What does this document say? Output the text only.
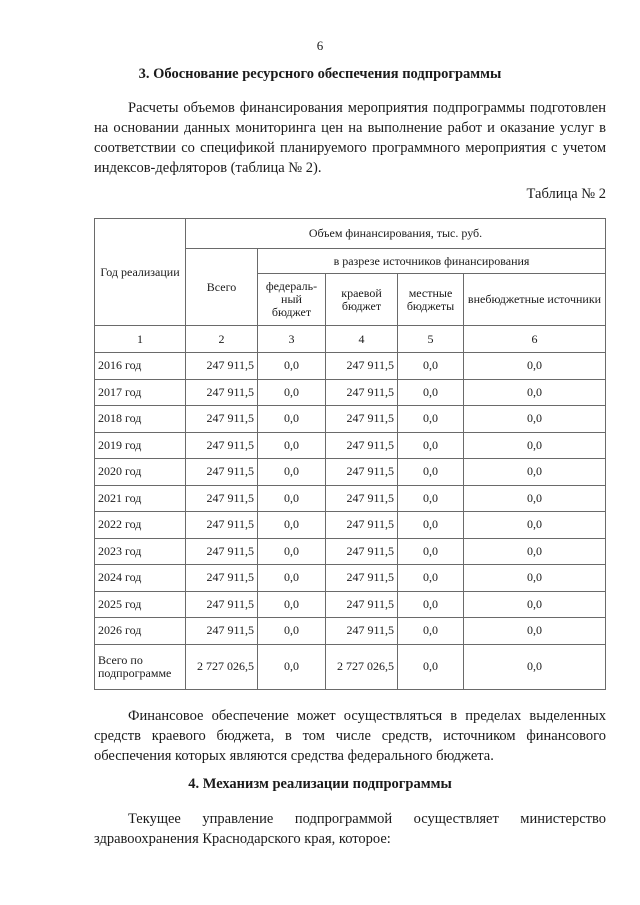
6
3. Обоснование ресурсного обеспечения подпрограммы

Расчеты объемов финансирования мероприятия подпрограммы подготовлен на основании данных мониторинга цен на выполнение работ и оказание услуг в соответствии со спецификой планируемого программного мероприятия с учетом индексов-дефляторов (таблица № 2).

Таблица № 2
Год реализации	Объем финансирования, тыс. руб.				
	Всего	в разрезе источников финансирования			
		федераль-ный бюджет	краевой бюджет	местные бюджеты	внебюджетные источники
1	2	3	4	5	6
2016 год	247 911,5	0,0	247 911,5	0,0	0,0
2017 год	247 911,5	0,0	247 911,5	0,0	0,0
2018 год	247 911,5	0,0	247 911,5	0,0	0,0
2019 год	247 911,5	0,0	247 911,5	0,0	0,0
2020 год	247 911,5	0,0	247 911,5	0,0	0,0
2021 год	247 911,5	0,0	247 911,5	0,0	0,0
2022 год	247 911,5	0,0	247 911,5	0,0	0,0
2023 год	247 911,5	0,0	247 911,5	0,0	0,0
2024 год	247 911,5	0,0	247 911,5	0,0	0,0
2025 год	247 911,5	0,0	247 911,5	0,0	0,0
2026 год	247 911,5	0,0	247 911,5	0,0	0,0
Всего по подпрограмме	2 727 026,5	0,0	2 727 026,5	0,0	0,0

Финансовое обеспечение может осуществляться в пределах выделенных средств краевого бюджета, в том числе средств, источником финансового обеспечения которых являются средства федерального бюджета.

4. Механизм реализации подпрограммы

Текущее управление подпрограммой осуществляет министерство здравоохранения Краснодарского края, которое:
